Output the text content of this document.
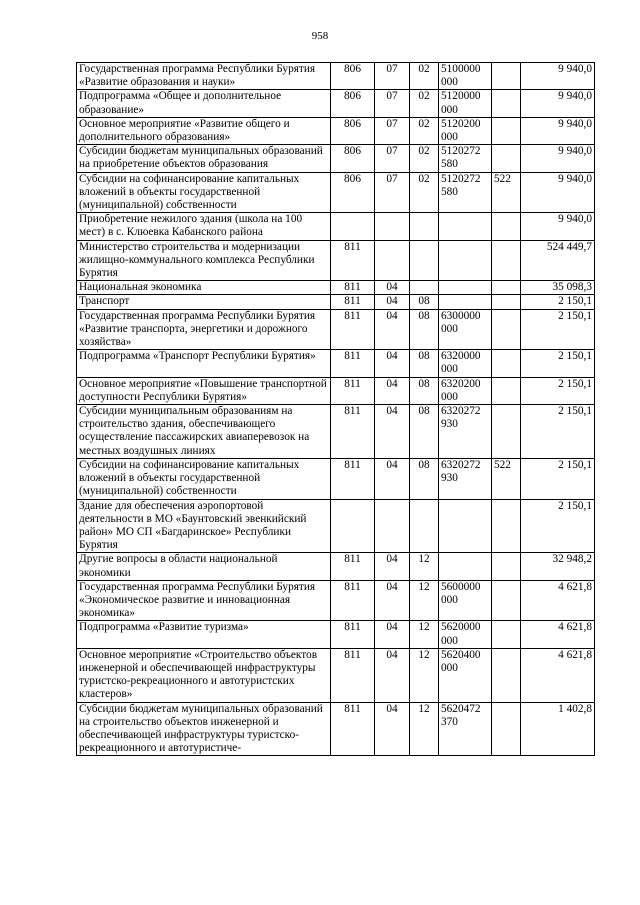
958
Государственная программа Республики Бурятия «Развитие образования и науки»	806	07	02	5100000 000		9 940,0
Подпрограмма «Общее и дополнительное образование»	806	07	02	5120000 000		9 940,0
Основное мероприятие «Развитие общего и дополнительного образования»	806	07	02	5120200 000		9 940,0
Субсидии бюджетам муниципальных образований на приобретение объектов образования	806	07	02	5120272 580		9 940,0
Субсидии на софинансирование капитальных вложений в объекты государственной (муниципальной) собственности	806	07	02	5120272 580	522	9 940,0
Приобретение нежилого здания (школа на 100 мест) в с. Клюевка Кабанского района						9 940,0
Министерство строительства и модернизации жилищно-коммунального комплекса Республики Бурятия	811					524 449,7
Национальная экономика	811	04				35 098,3
Транспорт	811	04	08			2 150,1
Государственная программа Республики Бурятия «Развитие транспорта, энергетики и дорожного хозяйства»	811	04	08	6300000 000		2 150,1
Подпрограмма «Транспорт Республики Бурятия»	811	04	08	6320000 000		2 150,1
Основное мероприятие «Повышение транспортной доступности Республики Бурятия»	811	04	08	6320200 000		2 150,1
Субсидии муниципальным образованиям на строительство здания, обеспечивающего осуществление пассажирских авиаперевозок на местных воздушных линиях	811	04	08	6320272 930		2 150,1
Субсидии на софинансирование капитальных вложений в объекты государственной (муниципальной) собственности	811	04	08	6320272 930	522	2 150,1
Здание для обеспечения аэропортовой деятельности в МО «Баунтовский эвенкийский район» МО СП «Багдаринское» Республики Бурятия						2 150,1
Другие вопросы в области национальной экономики	811	04	12			32 948,2
Государственная программа Республики Бурятия «Экономическое развитие и инновационная экономика»	811	04	12	5600000 000		4 621,8
Подпрограмма «Развитие туризма»	811	04	12	5620000 000		4 621,8
Основное мероприятие «Строительство объектов инженерной и обеспечивающей инфраструктуры туристско-рекреационного и автотуристских кластеров»	811	04	12	5620400 000		4 621,8
Субсидии бюджетам муниципальных образований на строительство объектов инженерной и обеспечивающей инфраструктуры туристско-рекреационного и автотуристиче-	811	04	12	5620472 370		1 402,8
